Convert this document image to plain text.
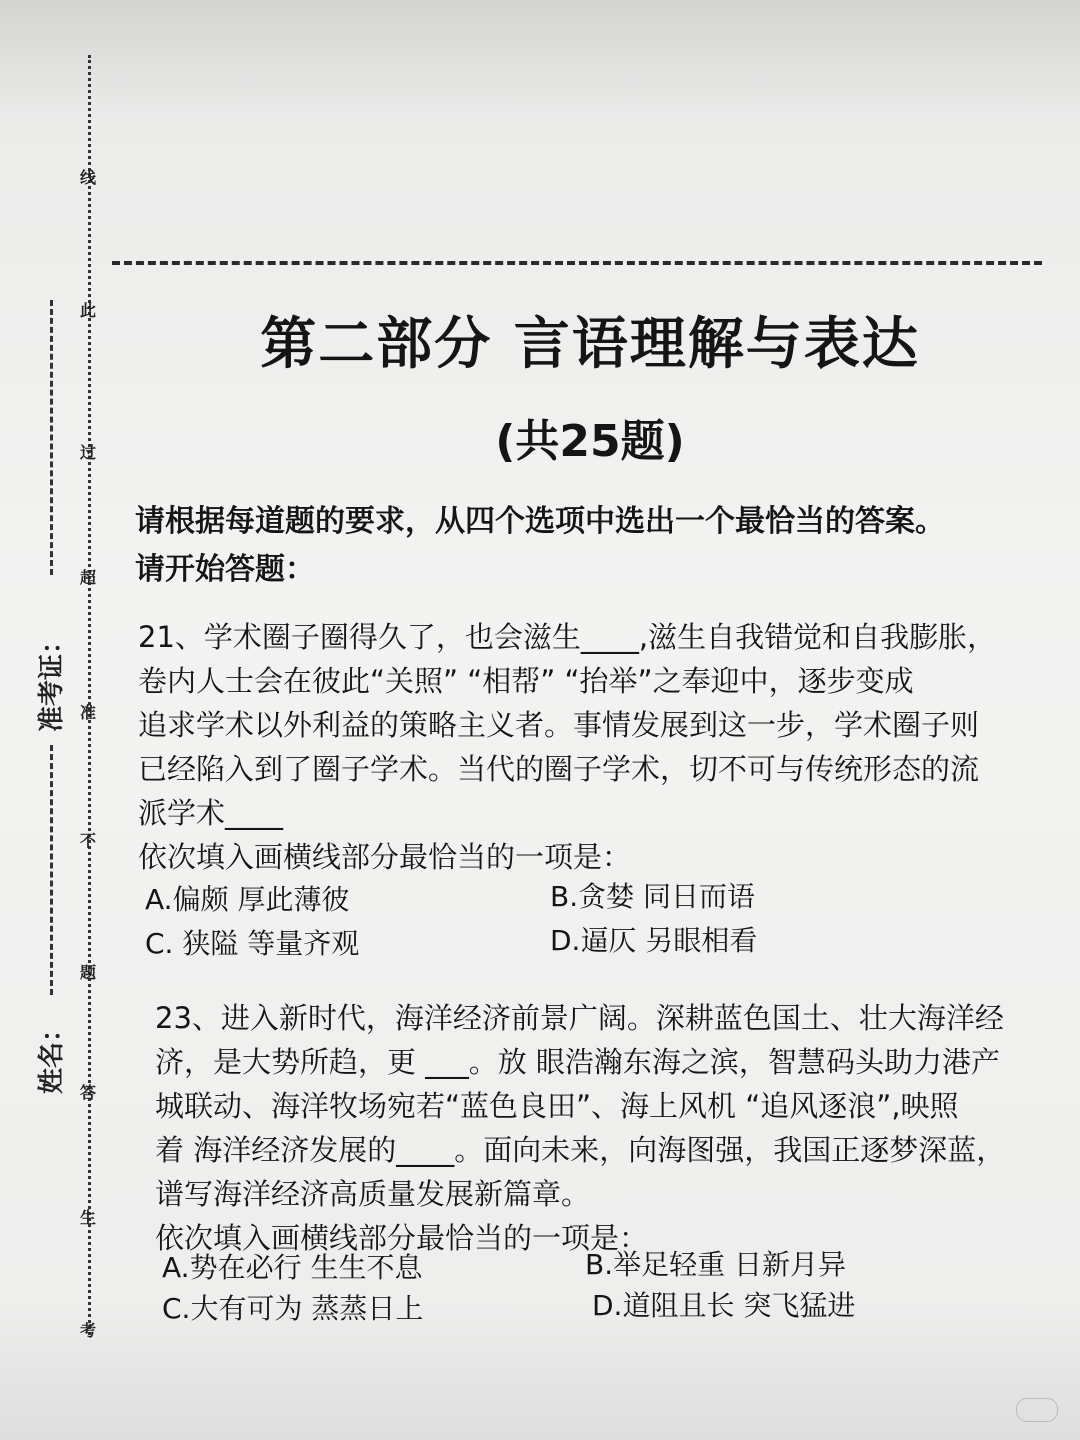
线
此
过
超
准
不
题
答
生
考
准考证：
姓名：
第二部分 言语理解与表达
(共25题)
请根据每道题的要求，从四个选项中选出一个最恰当的答案。
请开始答题：
21、学术圈子圈得久了，也会滋生____,滋生自我错觉和自我膨胀，
卷内人士会在彼此“关照” “相帮” “抬举”之奉迎中，逐步变成
追求学术以外利益的策略主义者。事情发展到这一步，学术圈子则
已经陷入到了圈子学术。当代的圈子学术，切不可与传统形态的流
派学术____
依次填入画横线部分最恰当的一项是：
A.偏颇 厚此薄彼	B.贪婪 同日而语
C. 狭隘 等量齐观	D.逼仄 另眼相看
23、进入新时代，海洋经济前景广阔。深耕蓝色国土、壮大海洋经
济，是大势所趋，更 ___。放 眼浩瀚东海之滨，智慧码头助力港产
城联动、海洋牧场宛若“蓝色良田”、海上风机 “追风逐浪”,映照
着 海洋经济发展的____。面向未来，向海图强，我国正逐梦深蓝，
谱写海洋经济高质量发展新篇章。
依次填入画横线部分最恰当的一项是：
A.势在必行 生生不息	B.举足轻重 日新月异
C.大有可为 蒸蒸日上	D.道阻且长 突飞猛进
